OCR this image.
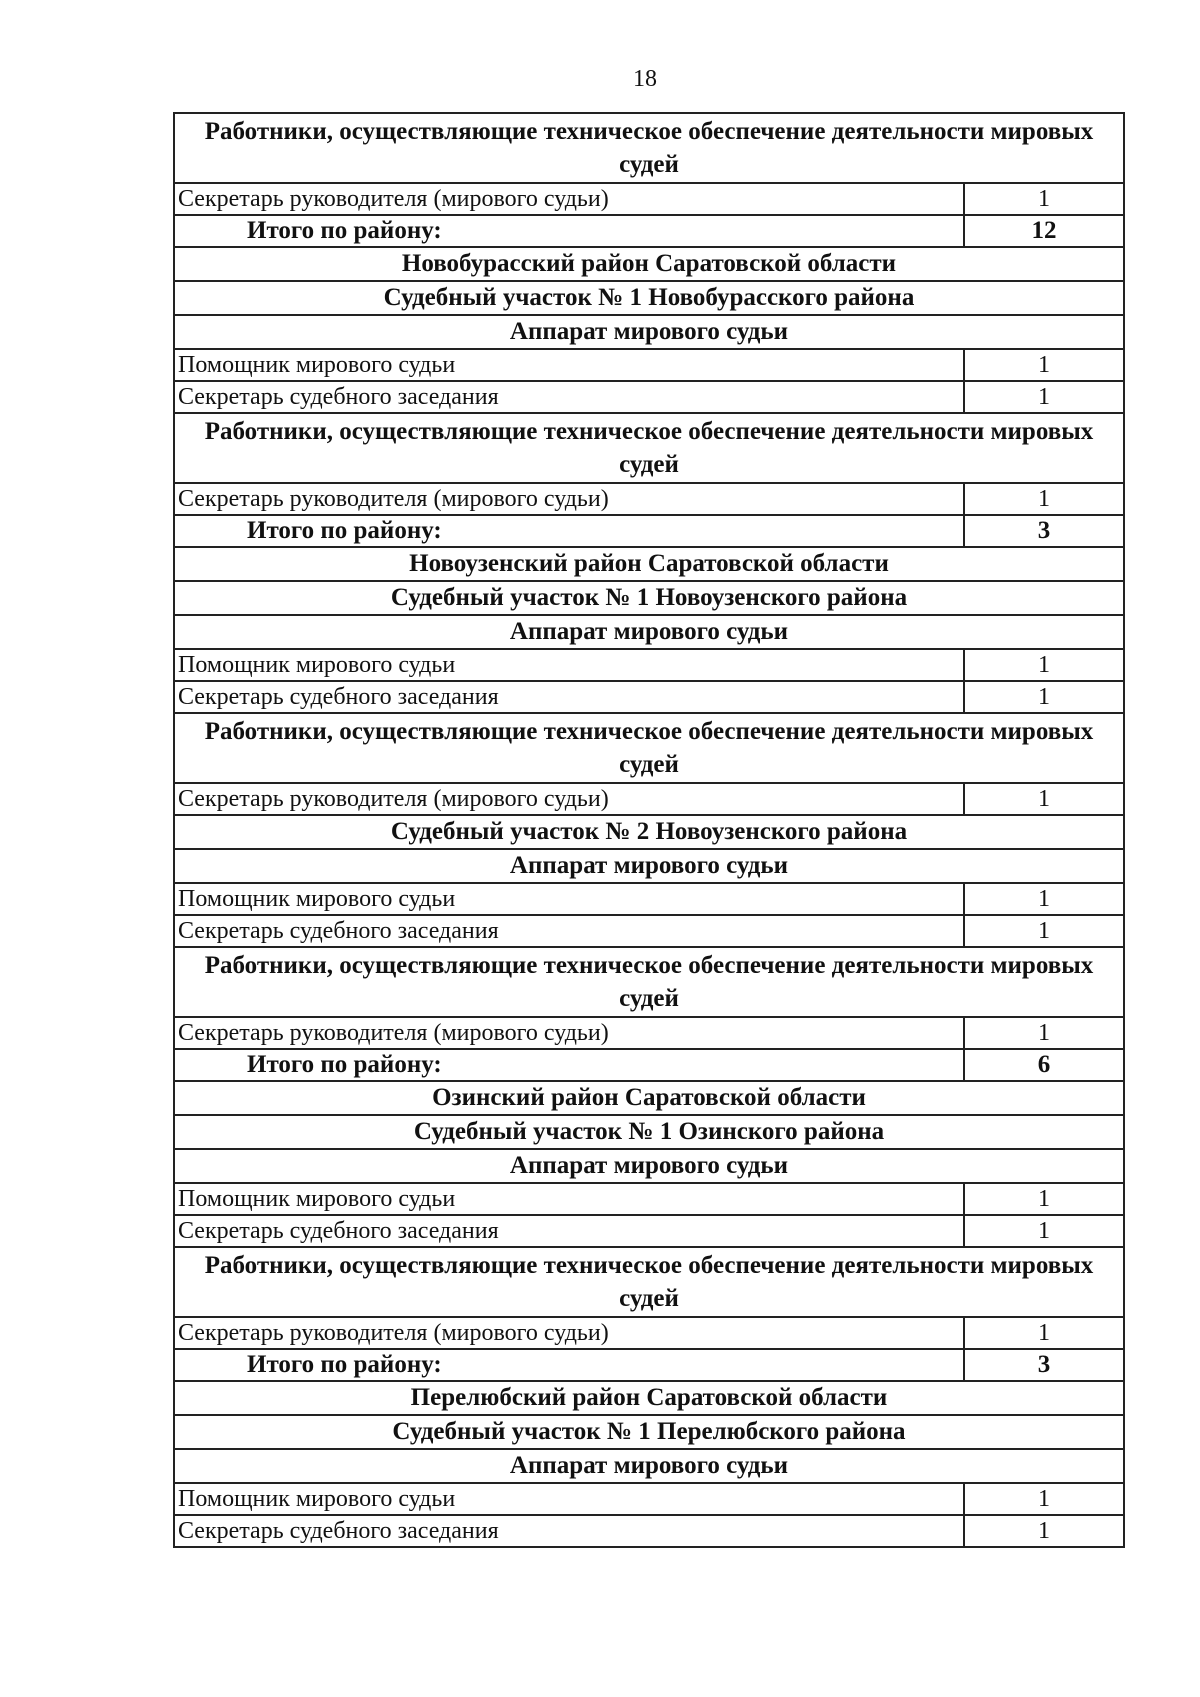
18
Работники, осуществляющие техническое обеспечение деятельности мировых судей	
Секретарь руководителя (мирового судьи)	1
Итого по району:	12
Новобурасский район Саратовской области	
Судебный участок № 1 Новобурасского района	
Аппарат мирового судьи	
Помощник мирового судьи	1
Секретарь судебного заседания	1
Работники, осуществляющие техническое обеспечение деятельности мировых судей	
Секретарь руководителя (мирового судьи)	1
Итого по району:	3
Новоузенский район Саратовской области	
Судебный участок № 1 Новоузенского района	
Аппарат мирового судьи	
Помощник мирового судьи	1
Секретарь судебного заседания	1
Работники, осуществляющие техническое обеспечение деятельности мировых судей	
Секретарь руководителя (мирового судьи)	1
Судебный участок № 2 Новоузенского района	
Аппарат мирового судьи	
Помощник мирового судьи	1
Секретарь судебного заседания	1
Работники, осуществляющие техническое обеспечение деятельности мировых судей	
Секретарь руководителя (мирового судьи)	1
Итого по району:	6
Озинский район Саратовской области	
Судебный участок № 1 Озинского района	
Аппарат мирового судьи	
Помощник мирового судьи	1
Секретарь судебного заседания	1
Работники, осуществляющие техническое обеспечение деятельности мировых судей	
Секретарь руководителя (мирового судьи)	1
Итого по району:	3
Перелюбский район Саратовской области	
Судебный участок № 1 Перелюбского района	
Аппарат мирового судьи	
Помощник мирового судьи	1
Секретарь судебного заседания	1
